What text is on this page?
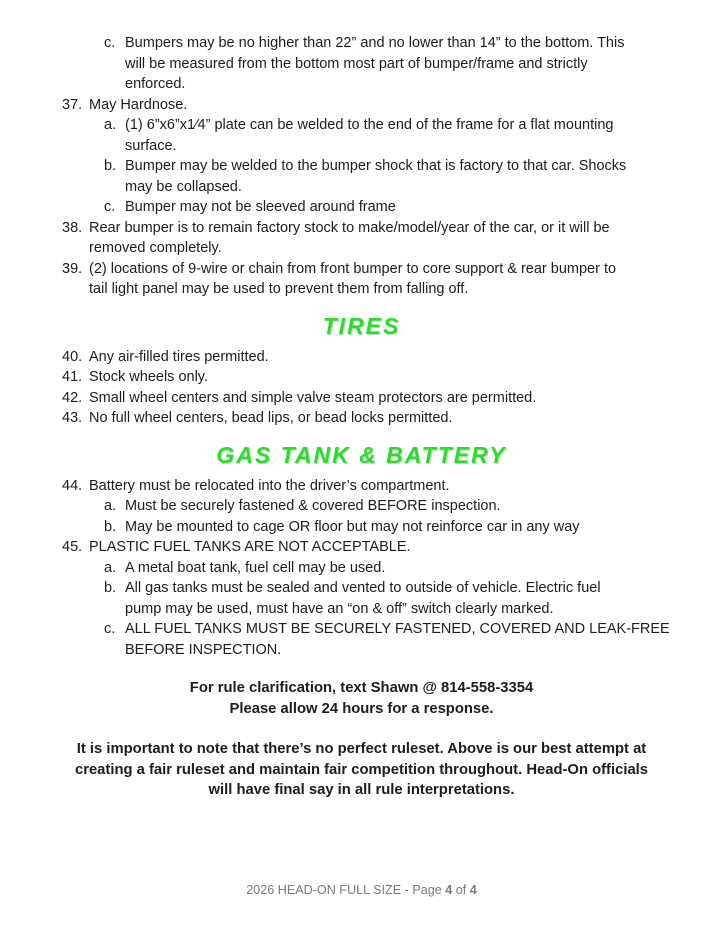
c. Bumpers may be no higher than 22” and no lower than 14” to the bottom. This
will be measured from the bottom most part of bumper/frame and strictly
enforced.
37. May Hardnose.
a. (1) 6”x6”x1⁄4” plate can be welded to the end of the frame for a flat mounting
surface.
b. Bumper may be welded to the bumper shock that is factory to that car. Shocks
may be collapsed.
c. Bumper may not be sleeved around frame
38. Rear bumper is to remain factory stock to make/model/year of the car, or it will be
removed completely.
39. (2) locations of 9-wire or chain from front bumper to core support & rear bumper to
tail light panel may be used to prevent them from falling off.
TIRES
40. Any air-filled tires permitted.
41. Stock wheels only.
42. Small wheel centers and simple valve steam protectors are permitted.
43. No full wheel centers, bead lips, or bead locks permitted.
GAS TANK & BATTERY
44. Battery must be relocated into the driver’s compartment.
a. Must be securely fastened & covered BEFORE inspection.
b. May be mounted to cage OR floor but may not reinforce car in any way
45. PLASTIC FUEL TANKS ARE NOT ACCEPTABLE.
a. A metal boat tank, fuel cell may be used.
b. All gas tanks must be sealed and vented to outside of vehicle. Electric fuel
pump may be used, must have an “on & off” switch clearly marked.
c. ALL FUEL TANKS MUST BE SECURELY FASTENED, COVERED AND LEAK-FREE
BEFORE INSPECTION.
For rule clarification, text Shawn @ 814-558-3354
Please allow 24 hours for a response.
It is important to note that there’s no perfect ruleset. Above is our best attempt at
creating a fair ruleset and maintain fair competition throughout. Head-On officials
will have final say in all rule interpretations.
2026 HEAD-ON FULL SIZE - Page 4 of 4
